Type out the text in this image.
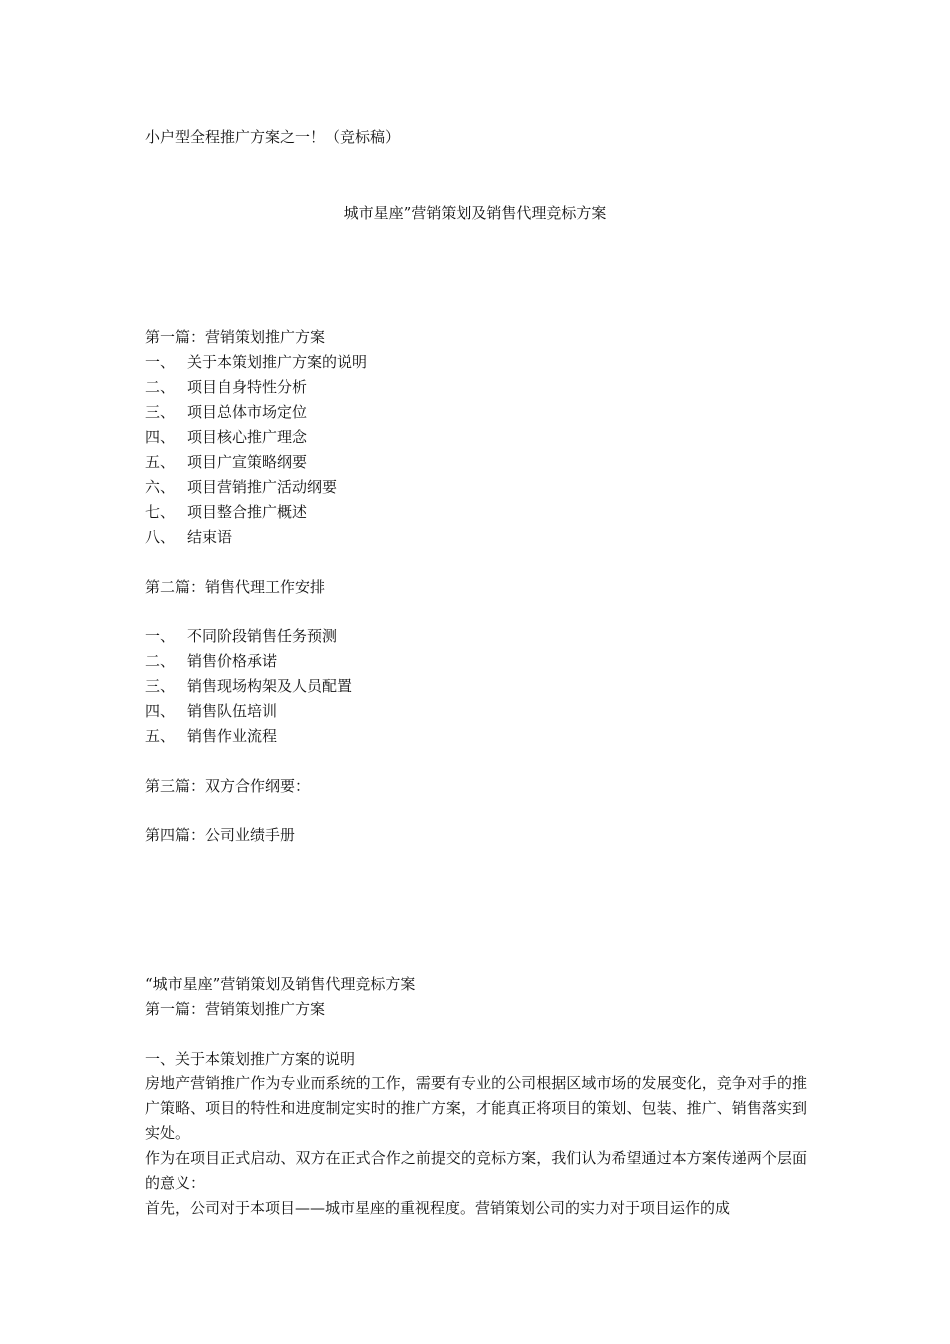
小户型全程推广方案之一！（竞标稿）
城市星座”营销策划及销售代理竞标方案
第一篇：营销策划推广方案
一、 关于本策划推广方案的说明
二、 项目自身特性分析
三、 项目总体市场定位
四、 项目核心推广理念
五、 项目广宣策略纲要
六、 项目营销推广活动纲要
七、 项目整合推广概述
八、 结束语
第二篇：销售代理工作安排
一、 不同阶段销售任务预测
二、 销售价格承诺
三、 销售现场构架及人员配置
四、 销售队伍培训
五、 销售作业流程
第三篇：双方合作纲要：
第四篇：公司业绩手册
“城市星座”营销策划及销售代理竞标方案
第一篇：营销策划推广方案
一、关于本策划推广方案的说明
房地产营销推广作为专业而系统的工作，需要有专业的公司根据区域市场的发展变化，竞争对手的推广策略、项目的特性和进度制定实时的推广方案，才能真正将项目的策划、包装、推广、销售落实到实处。
作为在项目正式启动、双方在正式合作之前提交的竞标方案，我们认为希望通过本方案传递两个层面的意义：
首先，公司对于本项目——城市星座的重视程度。营销策划公司的实力对于项目运作的成
